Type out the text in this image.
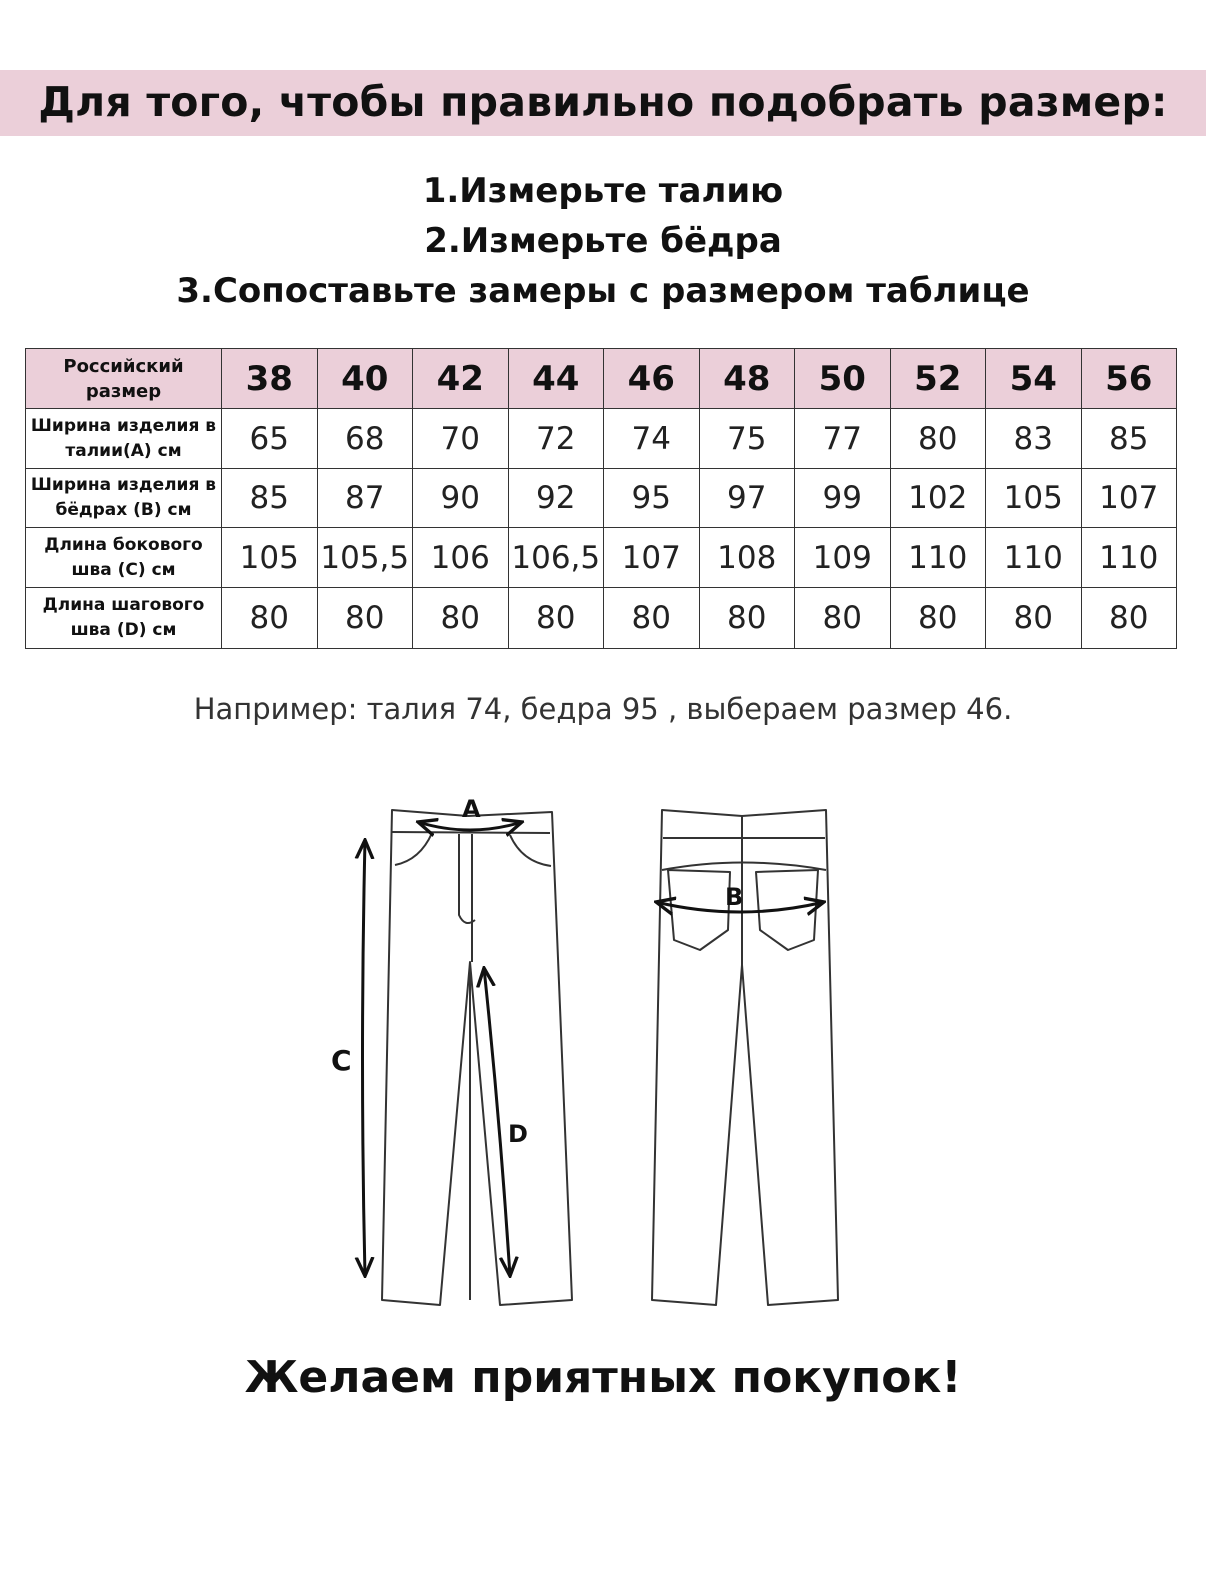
Для того, чтобы правильно подобрать размер:
1.Измерьте талию
2.Измерьте бёдра
3.Сопоставьте замеры с размером таблице
Российский размер	38	40	42	44	46	48	50	52	54	56
Ширина изделия в талии(А) см	65	68	70	72	74	75	77	80	83	85
Ширина изделия в бёдрах (В) см	85	87	90	92	95	97	99	102	105	107
Длина бокового шва (С) см	105	105,5	106	106,5	107	108	109	110	110	110
Длина шагового шва (D) см	80	80	80	80	80	80	80	80	80	80
Например: талия 74, бедра 95 , выбераем размер 46.
А
В
С
D
Желаем приятных покупок!
